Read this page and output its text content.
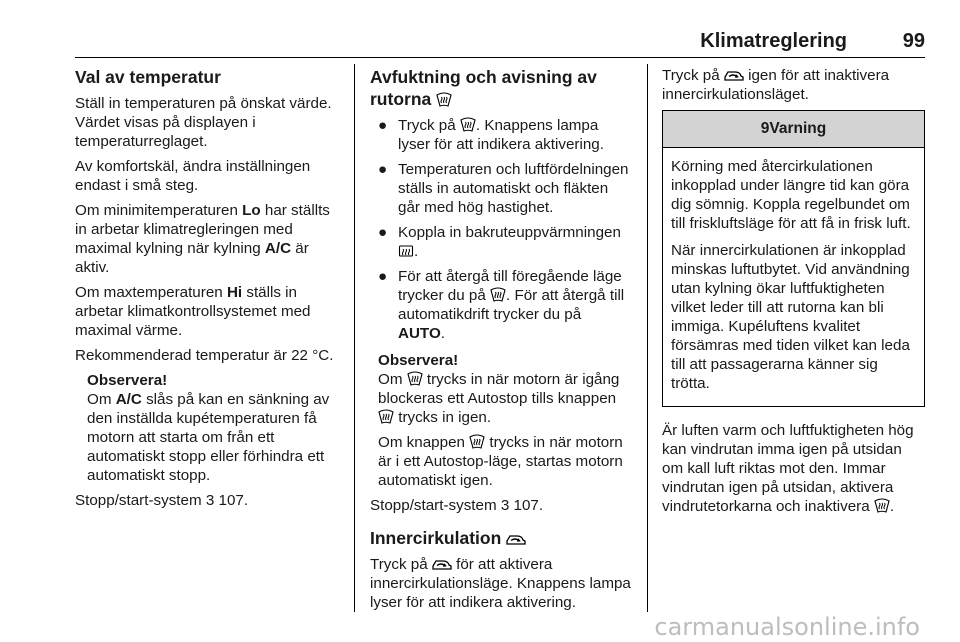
Klimatreglering	99
Val av temperatur

Ställ in temperaturen på önskat värde. Värdet visas på displayen i temperaturreglaget.

Av komfortskäl, ändra inställningen endast i små steg.

Om minimitemperaturen Lo har ställts in arbetar klimatregleringen med maximal kylning när kylning A/C är aktiv.

Om maxtemperaturen Hi ställs in arbetar klimatkontrollsystemet med maximal värme.

Rekommenderad temperatur är 22 °C.

Observera!

Om A/C slås på kan en sänkning av den inställda kupétemperaturen få motorn att starta om från ett automatiskt stopp eller förhindra ett automatiskt stopp.

Stopp/start-system 3 107.

Avfuktning och avisning av
rutorna
● Tryck på . Knappens lampa lyser för att indikera aktivering.
● Temperaturen och luftfördelningen ställs in automatiskt och fläkten går med hög hastighet.
● Koppla in bakruteuppvärmningen .
● För att återgå till föregående läge trycker du på . För att återgå till automatikdrift trycker du på AUTO.

Observera!

Om  trycks in när motorn är igång blockeras ett Autostop tills knappen  trycks in igen.

Om knappen  trycks in när motorn är i ett Autostop-läge, startas motorn automatiskt igen.

Stopp/start-system 3 107.

Innercirkulation

Tryck på  för att aktivera innercirkulationsläge. Knappens lampa lyser för att indikera aktivering.

Tryck på  igen för att inaktivera innercirkulationsläget.

9Varning

Körning med återcirkulationen inkopplad under längre tid kan göra dig sömnig. Koppla regelbundet om till friskluftsläge för att få in frisk luft.

När innercirkulationen är inkopplad minskas luftutbytet. Vid användning utan kylning ökar luftfuktigheten vilket leder till att rutorna kan bli immiga. Kupéluftens kvalitet försämras med tiden vilket kan leda till att passagerarna känner sig trötta.

Är luften varm och luftfuktigheten hög kan vindrutan imma igen på utsidan om kall luft riktas mot den. Immar vindrutan igen på utsidan, aktivera vindrutetorkarna och inaktivera .

carmanualsonline.info
